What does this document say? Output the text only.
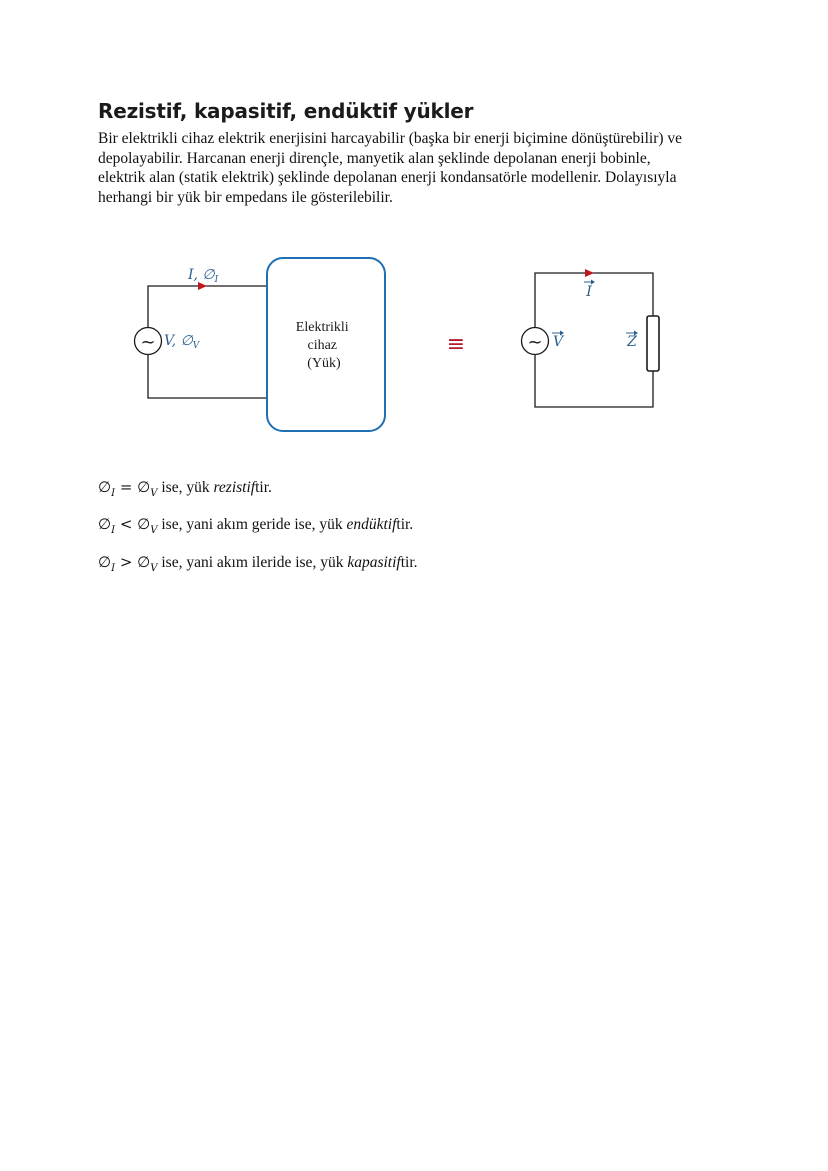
Rezistif, kapasitif, endüktif yükler

Bir elektrikli cihaz elektrik enerjisini harcayabilir (başka bir enerji biçimine dönüştürebilir) ve
depolayabilir. Harcanan enerji dirençle, manyetik alan şeklinde depolanan enerji bobinle,
elektrik alan (statik elektrik) şeklinde depolanan enerji kondansatörle modellenir. Dolayısıyla
herhangi bir yük bir empedans ile gösterilebilir.

~
I, $\emptyset_I$
V, $\emptyset_V$
Elektrikli cihaz (Yük)
≡	~
I
V	Z
$\emptyset_I$ = $\emptyset_V$ ise, yük rezistiftir.
$\emptyset_I$ < $\emptyset_V$ ise, yani akım geride ise, yük endüktiftir.
$\emptyset_I$ > $\emptyset_V$ ise, yani akım ileride ise, yük kapasitiftir.
